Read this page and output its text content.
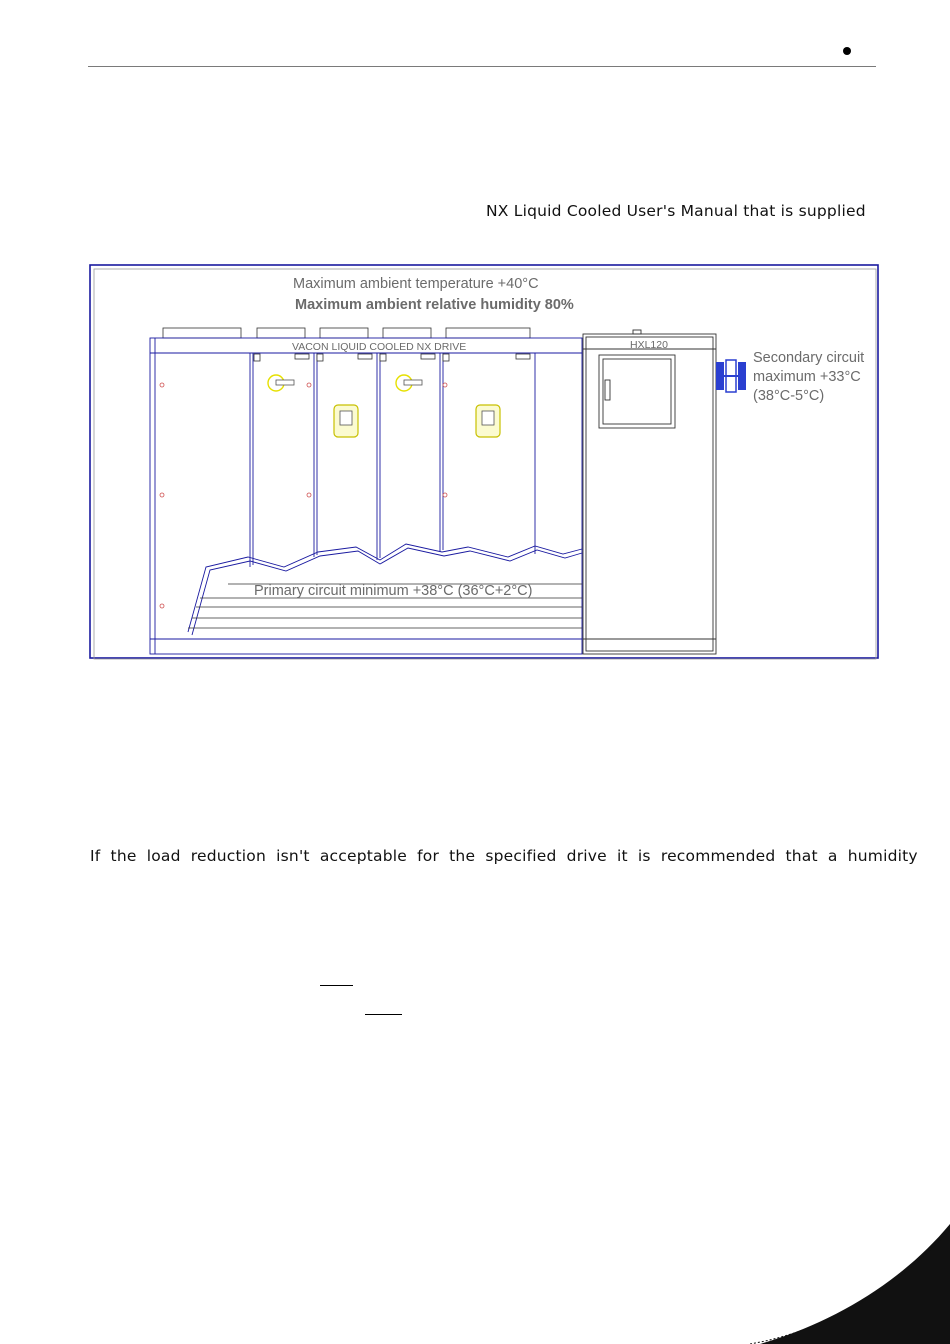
NX Liquid Cooled User's Manual that is supplied
Maximum ambient temperature +40°C
Maximum ambient relative humidity 80%
VACON LIQUID COOLED NX DRIVE
Primary circuit minimum +38°C (36°C+2°C)
HXL120
Secondary circuit
maximum +33°C
(38°C-5°C)
If the load reduction isn't acceptable for the specified drive it is recommended that a humidity
